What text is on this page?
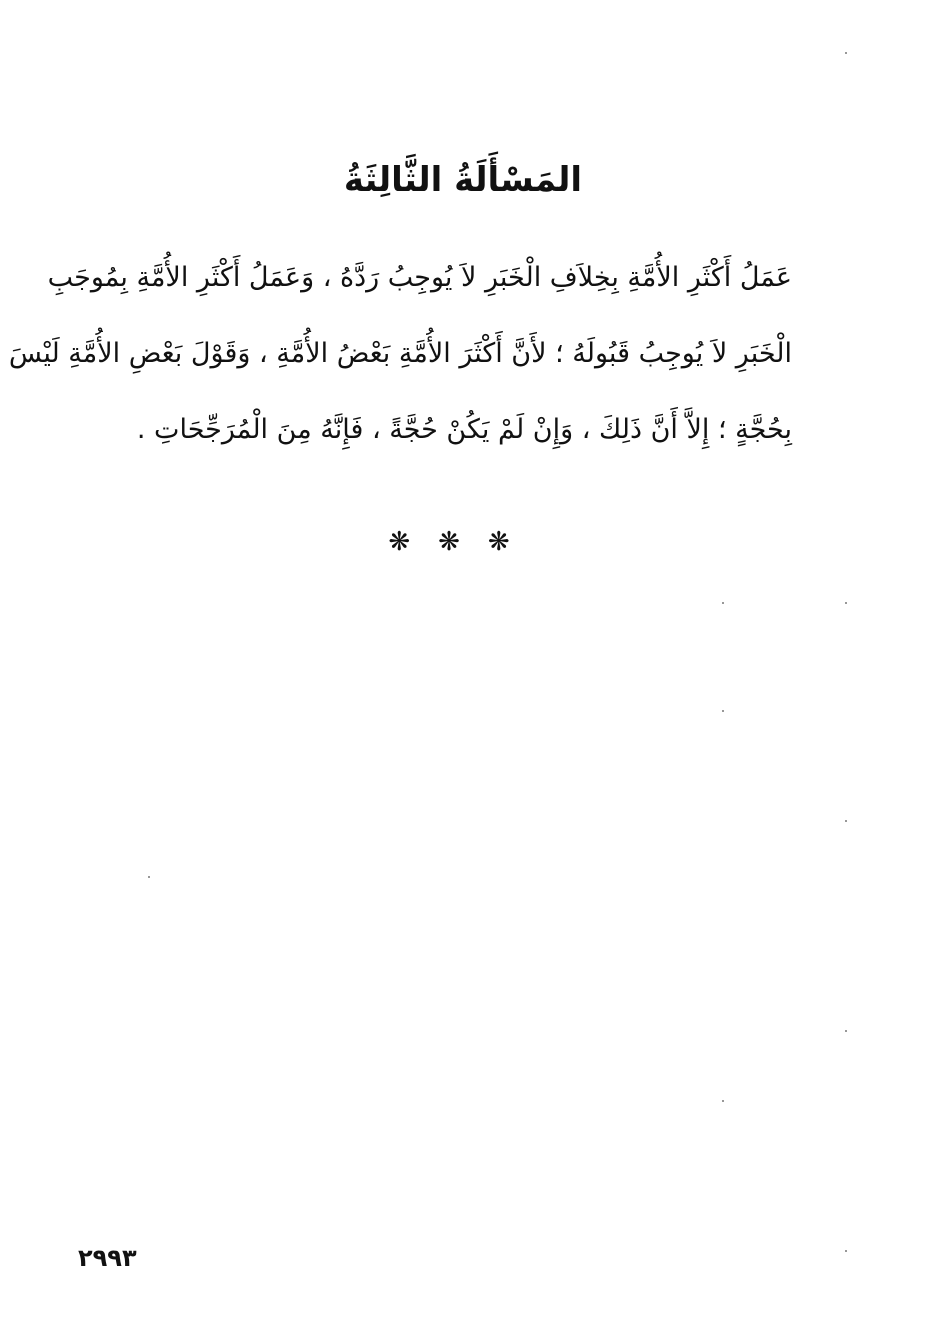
المَسْأَلَةُ الثَّالِثَةُ
عَمَلُ أَكْثَرِ الأُمَّةِ بِخِلاَفِ الْخَبَرِ لاَ يُوجِبُ رَدَّهُ ، وَعَمَلُ أَكْثَرِ الأُمَّةِ بِمُوجَبِ
الْخَبَرِ لاَ يُوجِبُ قَبُولَهُ ؛ لأَنَّ أَكْثَرَ الأُمَّةِ بَعْضُ الأُمَّةِ ، وَقَوْلَ بَعْضِ الأُمَّةِ لَيْسَ
بِحُجَّةٍ ؛ إِلاَّ أَنَّ ذَلِكَ ، وَإِنْ لَمْ يَكُنْ حُجَّةً ، فَإِنَّهُ مِنَ الْمُرَجِّحَاتِ .
❋❋❋
٢٩٩٣
